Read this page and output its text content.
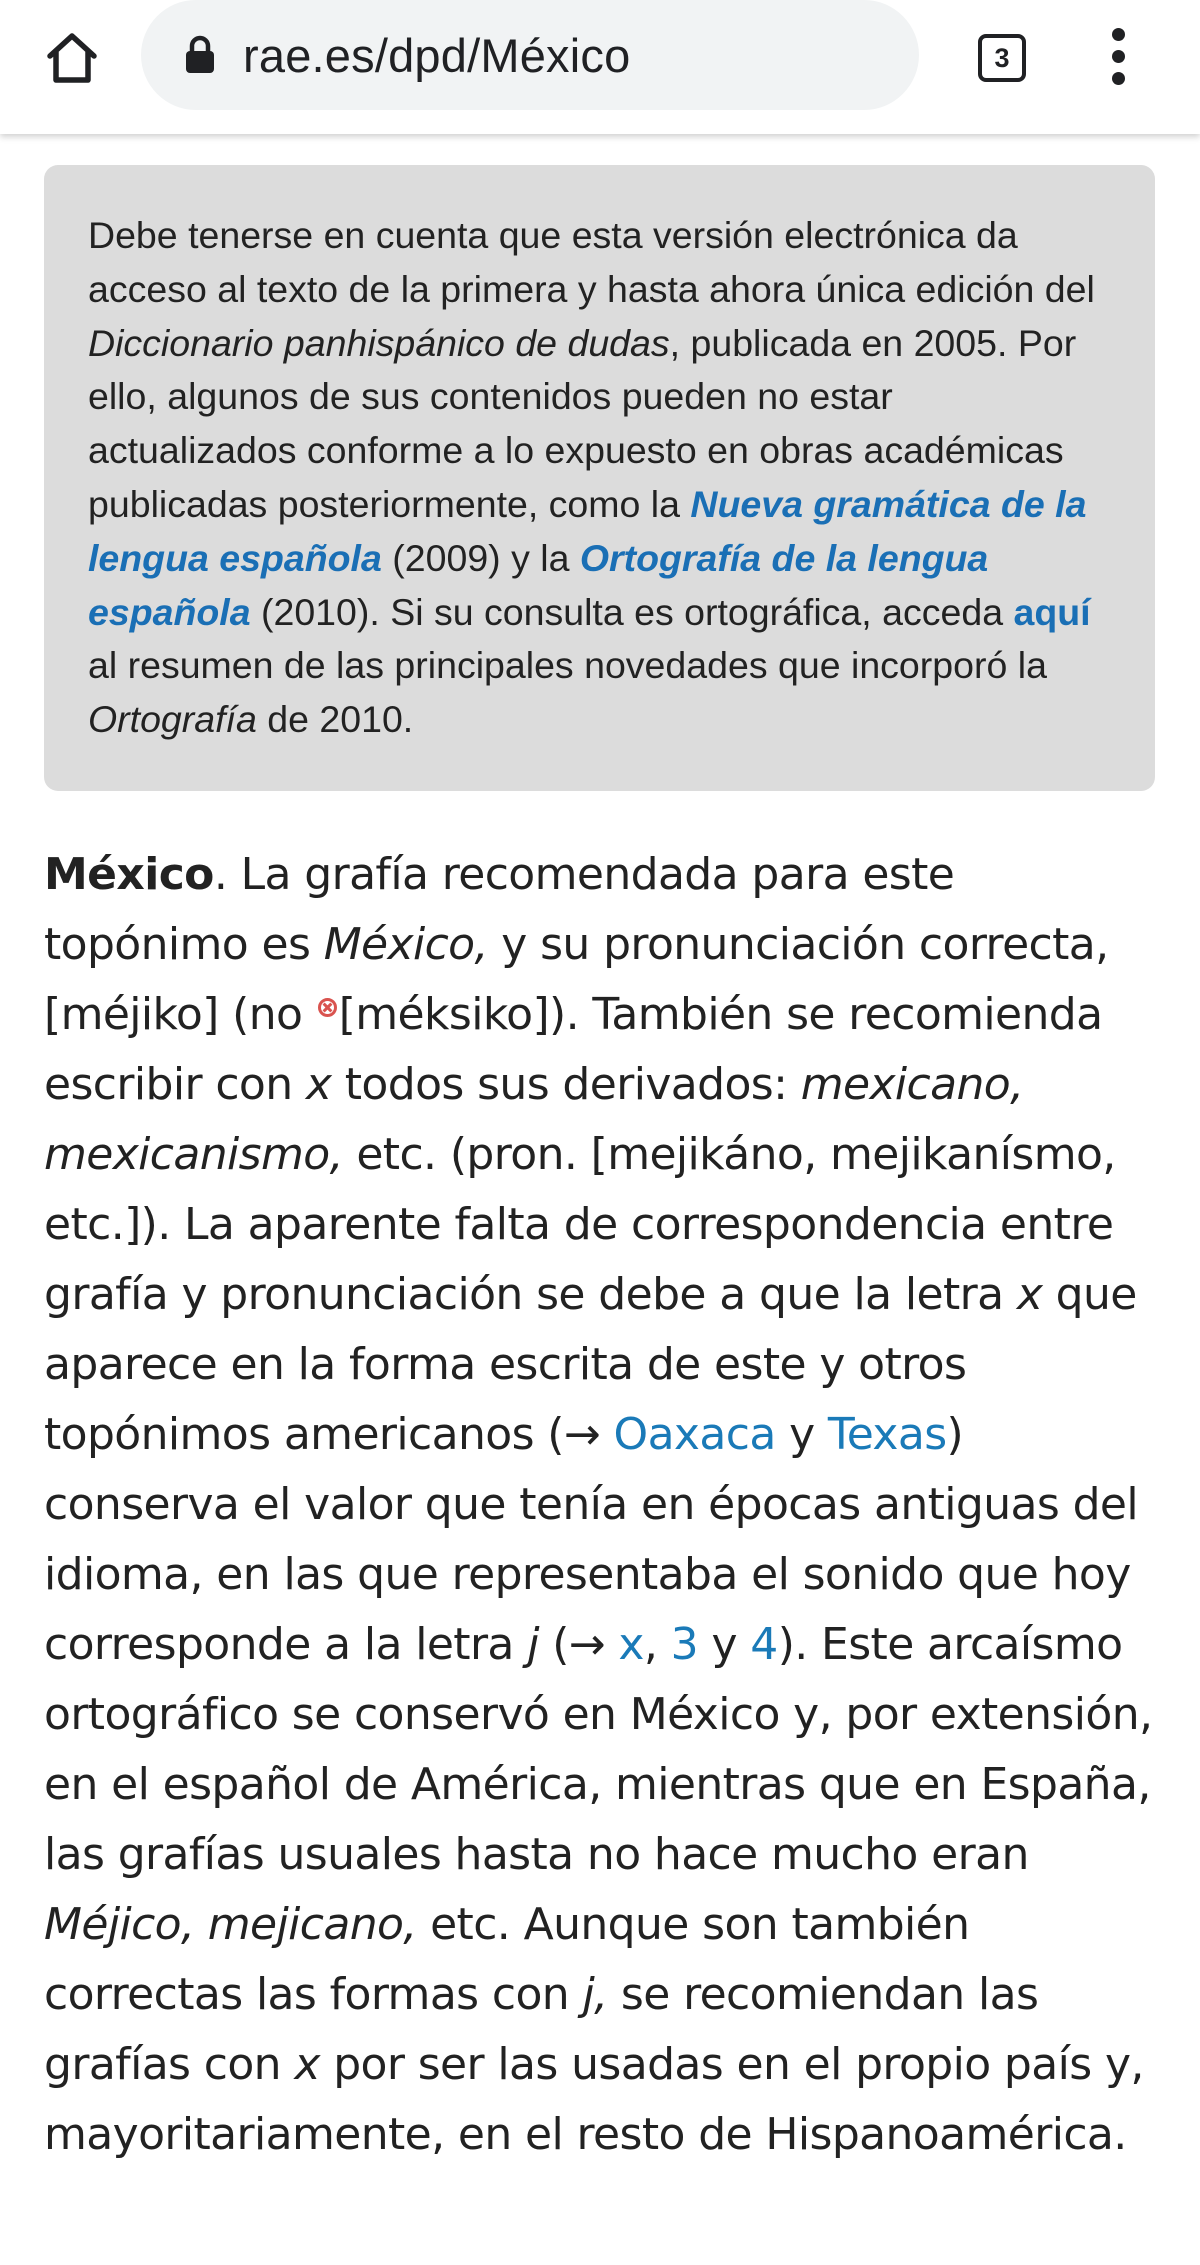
rae.es/dpd/México	3
Debe tenerse en cuenta que esta versión electrónica da acceso al texto de la primera y hasta ahora única edición del Diccionario panhispánico de dudas, publicada en 2005. Por ello, algunos de sus contenidos pueden no estar actualizados conforme a lo expuesto en obras académicas publicadas posteriormente, como la Nueva gramática de la lengua española (2009) y la Ortografía de la lengua española (2010). Si su consulta es ortográfica, acceda aquí al resumen de las principales novedades que incorporó la Ortografía de 2010.
México. La grafía recomendada para este topónimo es México, y su pronunciación correcta, [méjiko] (no [méksiko]). También se recomienda escribir con x todos sus derivados: mexicano, mexicanismo, etc. (pron. [mejikáno, mejikanísmo, etc.]). La aparente falta de correspondencia entre grafía y pronunciación se debe a que la letra x que aparece en la forma escrita de este y otros topónimos americanos (→ Oaxaca y Texas) conserva el valor que tenía en épocas antiguas del idioma, en las que representaba el sonido que hoy corresponde a la letra j (→ x, 3 y 4). Este arcaísmo ortográfico se conservó en México y, por extensión, en el español de América, mientras que en España, las grafías usuales hasta no hace mucho eran Méjico, mejicano, etc. Aunque son también correctas las formas con j, se recomiendan las grafías con x por ser las usadas en el propio país y, mayoritariamente, en el resto de Hispanoamérica.
